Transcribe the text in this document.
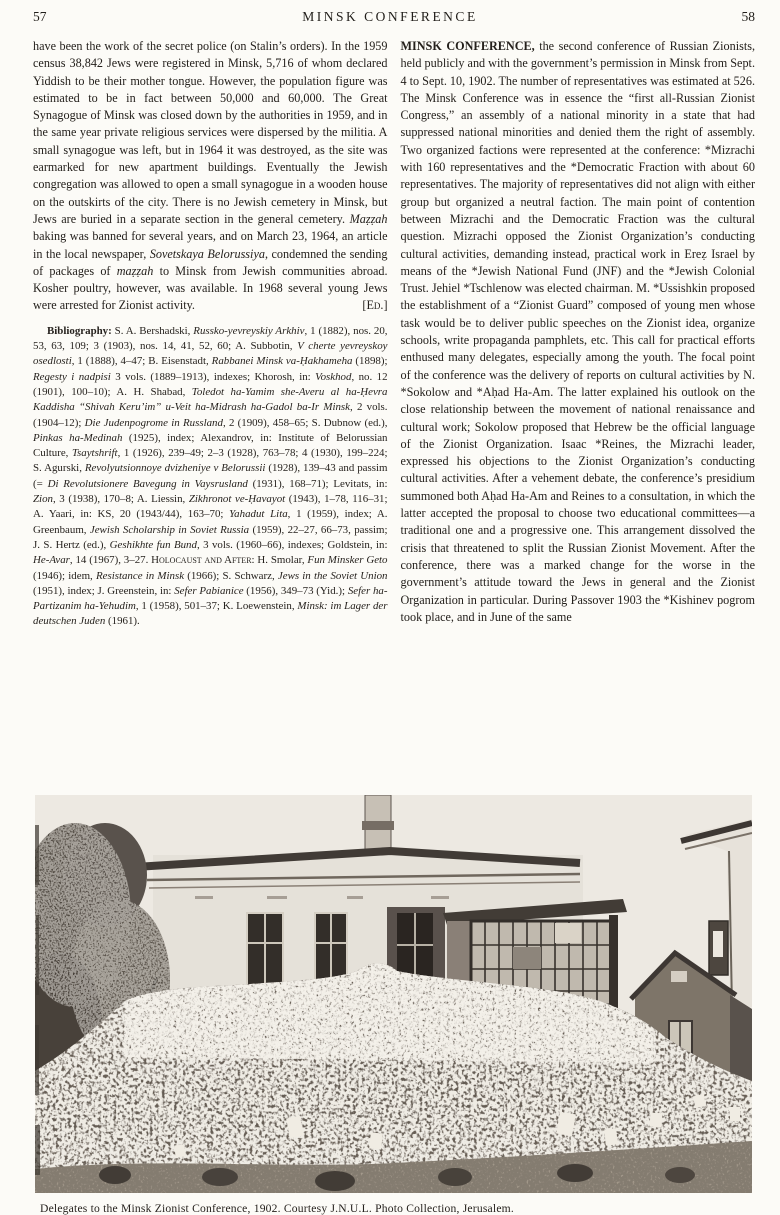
57	MINSK CONFERENCE	58

have been the work of the secret police (on Stalin’s orders). In the 1959 census 38,842 Jews were registered in Minsk, 5,716 of whom declared Yiddish to be their mother tongue. However, the population figure was estimated to be in fact between 50,000 and 60,000. The Great Synagogue of Minsk was closed down by the authorities in 1959, and in the same year private religious services were dispersed by the militia. A small synagogue was left, but in 1964 it was destroyed, as the site was earmarked for new apartment buildings. Eventually the Jewish congregation was allowed to open a small synagogue in a wooden house on the outskirts of the city. There is no Jewish cemetery in Minsk, but Jews are buried in a separate section in the general cemetery. Maẓẓah baking was banned for several years, and on March 23, 1964, an article in the local newspaper, Sovetskaya Belorussiya, condemned the sending of packages of maẓẓah to Minsk from Jewish communities abroad. Kosher poultry, however, was available. In 1968 several young Jews were arrested for Zionist activity.	[Ed.]

Bibliography: S. A. Bershadski, Russko-yevreyskiy Arkhiv, 1 (1882), nos. 20, 53, 63, 109; 3 (1903), nos. 14, 41, 52, 60; A. Subbotin, V cherte yevreyskoy osedlosti, 1 (1888), 4–47; B. Eisenstadt, Rabbanei Minsk va-Ḥakhameha (1898); Regesty i nadpisi 3 vols. (1889–1913), indexes; Khorosh, in: Voskhod, no. 12 (1901), 100–10); A. H. Shabad, Toledot ha-Yamim she-Averu al ha-Ḥevra Kaddisha “Shivah Keru’im” u-Veit ha-Midrash ha-Gadol ba-Ir Minsk, 2 vols. (1904–12); Die Judenpogrome in Russland, 2 (1909), 458–65; S. Dubnow (ed.), Pinkas ha-Medinah (1925), index; Alexandrov, in: Institute of Belorussian Culture, Tsaytshrift, 1 (1926), 239–49; 2–3 (1928), 763–78; 4 (1930), 199–224; S. Agurski, Revolyutsionnoye dvizheniye v Belorussii (1928), 139–43 and passim (= Di Revolutsionere Bavegung in Vaysrusland (1931), 168–71); Levitats, in: Zion, 3 (1938), 170–8; A. Liessin, Zikhronot ve-Ḥavayot (1943), 1–78, 116–31; A. Yaari, in: KS, 20 (1943/44), 163–70; Yahadut Lita, 1 (1959), index; A. Greenbaum, Jewish Scholarship in Soviet Russia (1959), 22–27, 66–73, passim; J. S. Hertz (ed.), Geshikhte fun Bund, 3 vols. (1960–66), indexes; Goldstein, in: He-Avar, 14 (1967), 3–27. Holocaust and After: H. Smolar, Fun Minsker Geto (1946); idem, Resistance in Minsk (1966); S. Schwarz, Jews in the Soviet Union (1951), index; J. Greenstein, in: Sefer Pabianice (1956), 349–73 (Yid.); Sefer ha-Partizanim ha-Yehudim, 1 (1958), 501–37; K. Loewenstein, Minsk: im Lager der deutschen Juden (1961).

MINSK CONFERENCE, the second conference of Russian Zionists, held publicly and with the government’s permission in Minsk from Sept. 4 to Sept. 10, 1902. The number of representatives was estimated at 526. The Minsk Conference was in essence the “first all-Russian Zionist Congress,” an assembly of a national minority in a state that had suppressed national minorities and denied them the right of assembly. Two organized factions were represented at the conference: *Mizrachi with 160 representatives and the *Democratic Fraction with about 60 representatives. The majority of representatives did not align with either group but organized a neutral faction. The main point of contention between Mizrachi and the Democratic Fraction was the cultural question. Mizrachi opposed the Zionist Organization’s conducting cultural activities, demanding instead, practical work in Ereẓ Israel by means of the *Jewish National Fund (JNF) and the *Jewish Colonial Trust. Jehiel *Tschlenow was elected chairman. M. *Ussishkin proposed the establishment of a “Zionist Guard” composed of young men whose task would be to deliver public speeches on the Zionist idea, organize schools, write propaganda pamphlets, etc. This call for practical efforts enthused many delegates, especially among the youth. The focal point of the conference was the delivery of reports on cultural activities by N. *Sokolow and *Aḥad Ha-Am. The latter explained his outlook on the close relationship between the movement of national renaissance and cultural work; Sokolow proposed that Hebrew be the official language of the Zionist Organization. Isaac *Reines, the Mizrachi leader, expressed his objections to the Zionist Organization’s conducting cultural activities. After a vehement debate, the conference’s presidium summoned both Aḥad Ha-Am and Reines to a consultation, in which the latter accepted the proposal to choose two educational committees—a traditional one and a progressive one. This arrangement dissolved the crisis that threatened to split the Russian Zionist Movement. After the conference, there was a marked change for the worse in the government’s attitude toward the Jews in general and the Zionist Organization in particular. During Passover 1903 the *Kishinev pogrom took place, and in June of the same

Delegates to the Minsk Zionist Conference, 1902. Courtesy J.N.U.L. Photo Collection, Jerusalem.
